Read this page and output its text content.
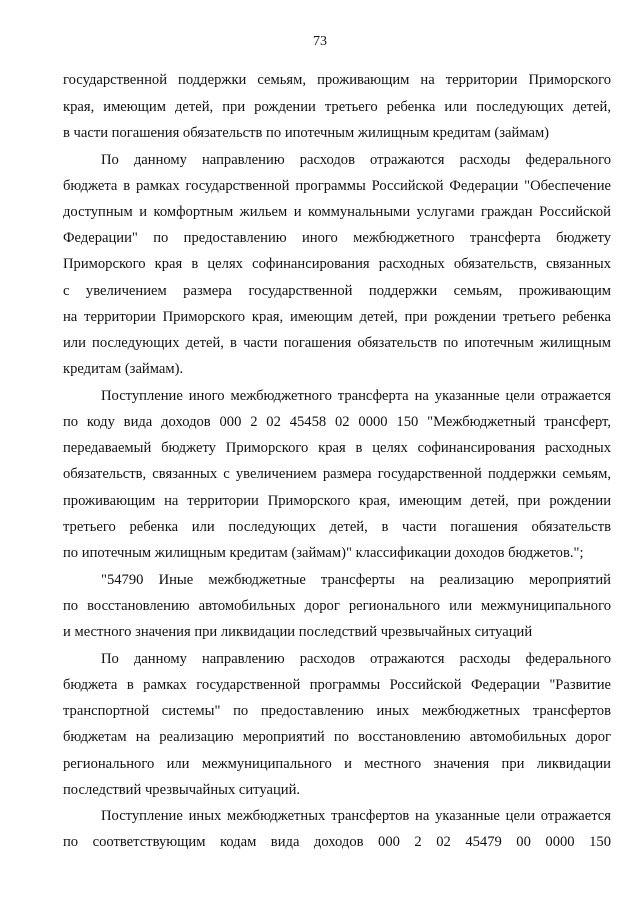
73
государственной поддержки семьям, проживающим на территории Приморского
края, имеющим детей, при рождении третьего ребенка или последующих детей,
в части погашения обязательств по ипотечным жилищным кредитам (займам)
По данному направлению расходов отражаются расходы федерального
бюджета в рамках государственной программы Российской Федерации "Обеспечение
доступным и комфортным жильем и коммунальными услугами граждан Российской
Федерации" по предоставлению иного межбюджетного трансферта бюджету
Приморского края в целях софинансирования расходных обязательств, связанных
с увеличением размера государственной поддержки семьям, проживающим
на территории Приморского края, имеющим детей, при рождении третьего ребенка
или последующих детей, в части погашения обязательств по ипотечным жилищным
кредитам (займам).
Поступление иного межбюджетного трансферта на указанные цели отражается
по коду вида доходов 000 2 02 45458 02 0000 150 "Межбюджетный трансферт,
передаваемый бюджету Приморского края в целях софинансирования расходных
обязательств, связанных с увеличением размера государственной поддержки семьям,
проживающим на территории Приморского края, имеющим детей, при рождении
третьего ребенка или последующих детей, в части погашения обязательств
по ипотечным жилищным кредитам (займам)" классификации доходов бюджетов.";
"54790 Иные межбюджетные трансферты на реализацию мероприятий
по восстановлению автомобильных дорог регионального или межмуниципального
и местного значения при ликвидации последствий чрезвычайных ситуаций
По данному направлению расходов отражаются расходы федерального
бюджета в рамках государственной программы Российской Федерации "Развитие
транспортной системы" по предоставлению иных межбюджетных трансфертов
бюджетам на реализацию мероприятий по восстановлению автомобильных дорог
регионального или межмуниципального и местного значения при ликвидации
последствий чрезвычайных ситуаций.
Поступление иных межбюджетных трансфертов на указанные цели отражается
по соответствующим кодам вида доходов 000 2 02 45479 00 0000 150
